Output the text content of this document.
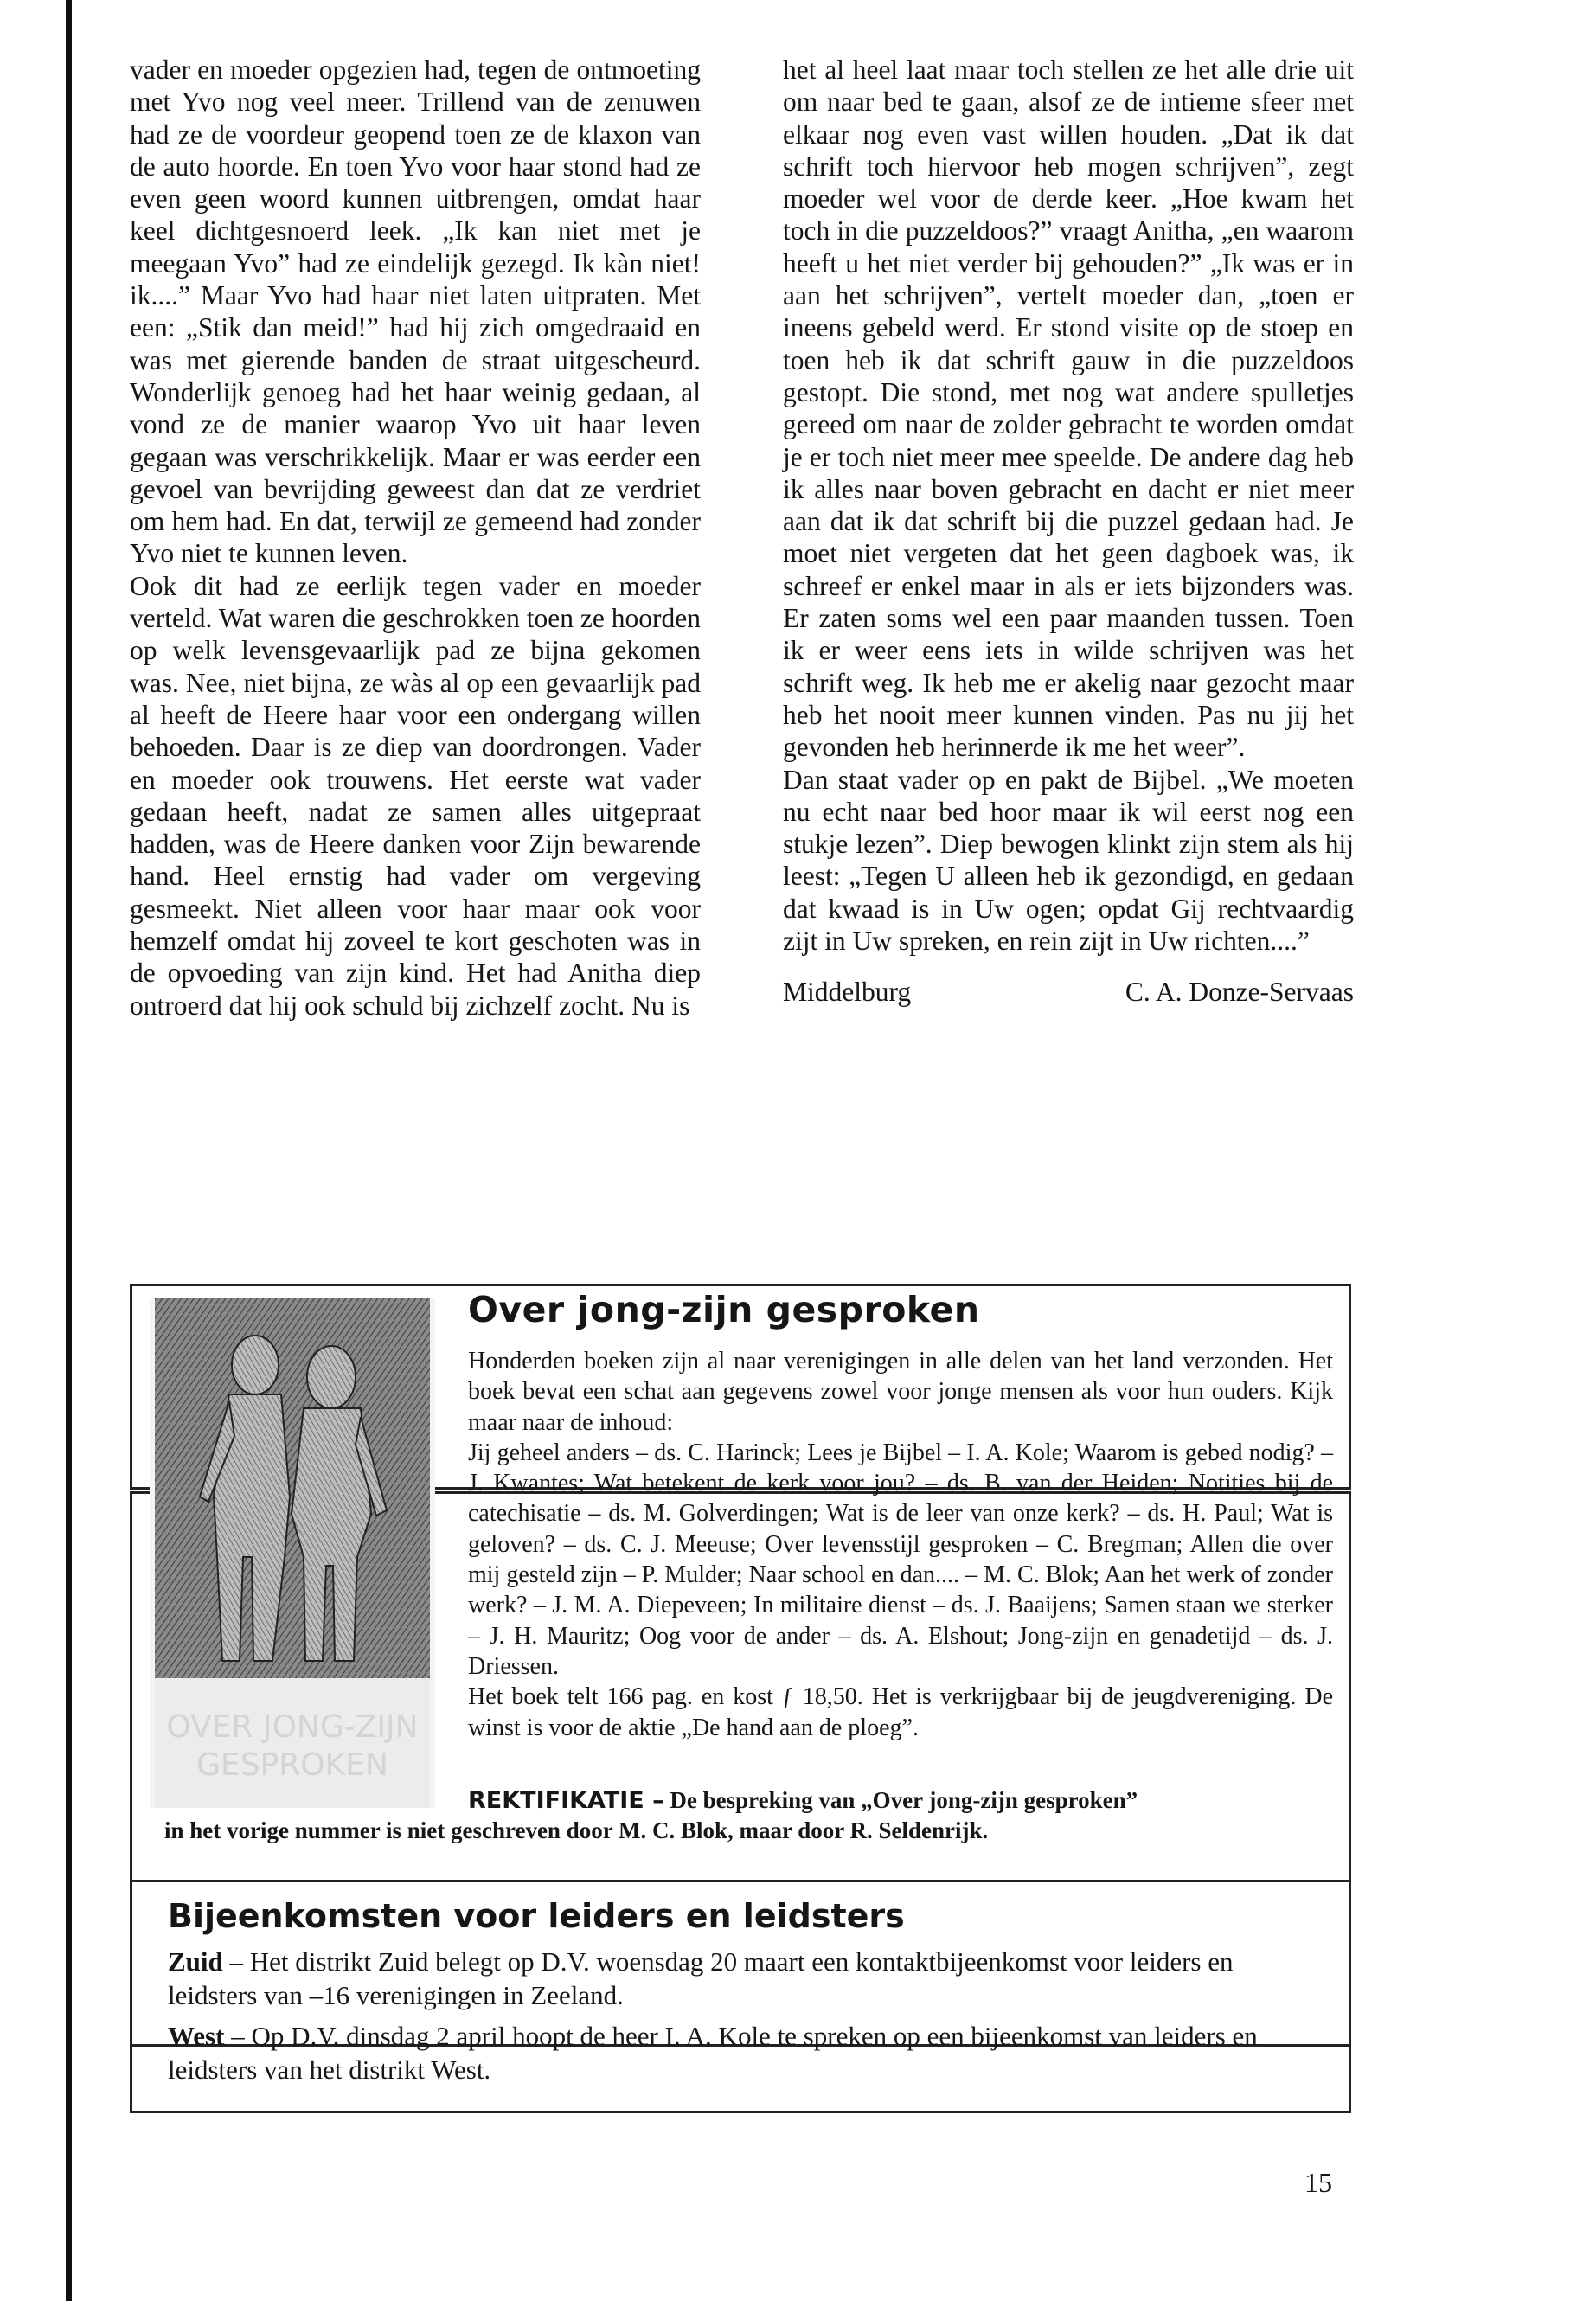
vader en moeder opgezien had, tegen de ontmoeting met Yvo nog veel meer. Trillend van de zenuwen had ze de voordeur geopend toen ze de klaxon van de auto hoorde. En toen Yvo voor haar stond had ze even geen woord kunnen uitbrengen, omdat haar keel dichtgesnoerd leek. „Ik kan niet met je meegaan Yvo” had ze eindelijk gezegd. Ik kàn niet! ik....” Maar Yvo had haar niet laten uitpraten. Met een: „Stik dan meid!” had hij zich omgedraaid en was met gierende banden de straat uitgescheurd. Wonderlijk genoeg had het haar weinig gedaan, al vond ze de manier waarop Yvo uit haar leven gegaan was verschrikkelijk. Maar er was eerder een gevoel van bevrijding geweest dan dat ze verdriet om hem had. En dat, terwijl ze gemeend had zonder Yvo niet te kunnen leven.

Ook dit had ze eerlijk tegen vader en moeder verteld. Wat waren die geschrokken toen ze hoorden op welk levensgevaarlijk pad ze bijna gekomen was. Nee, niet bijna, ze wàs al op een gevaarlijk pad al heeft de Heere haar voor een ondergang willen behoeden. Daar is ze diep van doordrongen. Vader en moeder ook trouwens. Het eerste wat vader gedaan heeft, nadat ze samen alles uitgepraat hadden, was de Heere danken voor Zijn bewarende hand. Heel ernstig had vader om vergeving gesmeekt. Niet alleen voor haar maar ook voor hemzelf omdat hij zoveel te kort geschoten was in de opvoeding van zijn kind. Het had Anitha diep ontroerd dat hij ook schuld bij zichzelf zocht. Nu is

het al heel laat maar toch stellen ze het alle drie uit om naar bed te gaan, alsof ze de intieme sfeer met elkaar nog even vast willen houden. „Dat ik dat schrift toch hiervoor heb mogen schrijven”, zegt moeder wel voor de derde keer. „Hoe kwam het toch in die puzzeldoos?” vraagt Anitha, „en waarom heeft u het niet verder bij gehouden?” „Ik was er in aan het schrijven”, vertelt moeder dan, „toen er ineens gebeld werd. Er stond visite op de stoep en toen heb ik dat schrift gauw in die puzzeldoos gestopt. Die stond, met nog wat andere spulletjes gereed om naar de zolder gebracht te worden omdat je er toch niet meer mee speelde. De andere dag heb ik alles naar boven gebracht en dacht er niet meer aan dat ik dat schrift bij die puzzel gedaan had. Je moet niet vergeten dat het geen dagboek was, ik schreef er enkel maar in als er iets bijzonders was. Er zaten soms wel een paar maanden tussen. Toen ik er weer eens iets in wilde schrijven was het schrift weg. Ik heb me er akelig naar gezocht maar heb het nooit meer kunnen vinden. Pas nu jij het gevonden heb herinnerde ik me het weer”.

Dan staat vader op en pakt de Bijbel. „We moeten nu echt naar bed hoor maar ik wil eerst nog een stukje lezen”. Diep bewogen klinkt zijn stem als hij leest: „Tegen U alleen heb ik gezondigd, en gedaan dat kwaad is in Uw ogen; opdat Gij rechtvaardig zijt in Uw spreken, en rein zijt in Uw richten....”

Middelburg	C. A. Donze-Servaas
OVER JONG-ZIJN
GESPROKEN
Over jong-zijn gesproken

Honderden boeken zijn al naar verenigingen in alle delen van het land verzonden. Het boek bevat een schat aan gegevens zowel voor jonge mensen als voor hun ouders. Kijk maar naar de inhoud:

Jij geheel anders – ds. C. Harinck; Lees je Bijbel – I. A. Kole; Waarom is gebed nodig? – J. Kwantes; Wat betekent de kerk voor jou? – ds. B. van der Heiden; Notities bij de catechisatie – ds. M. Golverdingen; Wat is de leer van onze kerk? – ds. H. Paul; Wat is geloven? – ds. C. J. Meeuse; Over levensstijl gesproken – C. Bregman; Allen die over mij gesteld zijn – P. Mulder; Naar school en dan.... – M. C. Blok; Aan het werk of zonder werk? – J. M. A. Diepeveen; In militaire dienst – ds. J. Baaijens; Samen staan we sterker – J. H. Mauritz; Oog voor de ander – ds. A. Elshout; Jong-zijn en genadetijd – ds. J. Driessen.

Het boek telt 166 pag. en kost ƒ 18,50. Het is verkrijgbaar bij de jeugdvereniging. De winst is voor de aktie „De hand aan de ploeg”.

REKTIFIKATIE – De bespreking van „Over jong-zijn gesproken”
in het vorige nummer is niet geschreven door M. C. Blok, maar door R. Seldenrijk.
Bijeenkomsten voor leiders en leidsters

Zuid – Het distrikt Zuid belegt op D.V. woensdag 20 maart een kontaktbijeenkomst voor leiders en leidsters van –16 verenigingen in Zeeland.

West – Op D.V. dinsdag 2 april hoopt de heer I. A. Kole te spreken op een bijeenkomst van leiders en leidsters van het distrikt West.

15
